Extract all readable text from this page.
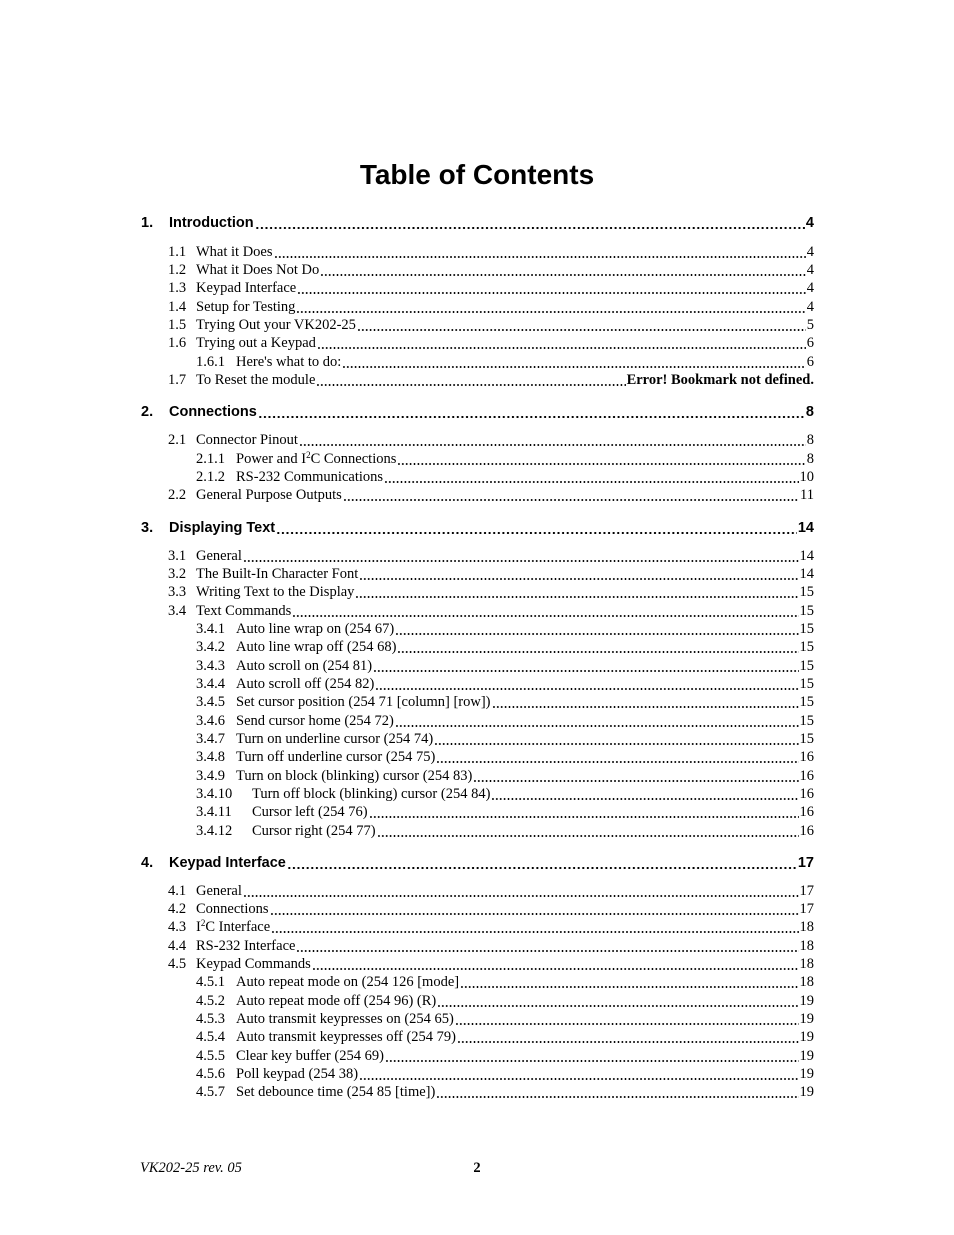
Table of Contents
1.	Introduction	4
1.1 What it Does	4
1.2 What it Does Not Do	4
1.3 Keypad Interface	4
1.4 Setup for Testing	4
1.5 Trying Out your VK202-25	5
1.6 Trying out a Keypad	6
1.6.1 Here's what to do:	6
1.7 To Reset the module	Error! Bookmark not defined.
2.	Connections	8
2.1 Connector Pinout	8
2.1.1 Power and $I^2C$ Connections	8
2.1.2 RS-232 Communications	10
2.2 General Purpose Outputs	11
3.	Displaying Text	14
3.1 General	14
3.2 The Built-In Character Font	14
3.3 Writing Text to the Display	15
3.4 Text Commands	15
3.4.1 Auto line wrap on (254 67)	15
3.4.2 Auto line wrap off (254 68)	15
3.4.3 Auto scroll on (254 81)	15
3.4.4 Auto scroll off (254 82)	15
3.4.5 Set cursor position (254 71 [column] [row])	15
3.4.6 Send cursor home (254 72)	15
3.4.7 Turn on underline cursor (254 74)	15
3.4.8 Turn off underline cursor (254 75)	16
3.4.9 Turn on block (blinking) cursor (254 83)	16
3.4.10	Turn off block (blinking) cursor (254 84)	16
3.4.11	Cursor left (254 76)	16
3.4.12	Cursor right (254 77)	16
4.	Keypad Interface	17
4.1 General	17
4.2 Connections	17
4.3 $I^2C$ Interface	18
4.4 RS-232 Interface	18
4.5 Keypad Commands	18
4.5.1 Auto repeat mode on (254 126 [mode]	18
4.5.2 Auto repeat mode off (254 96) (R)	19
4.5.3 Auto transmit keypresses on (254 65)	19
4.5.4 Auto transmit keypresses off (254 79)	19
4.5.5 Clear key buffer (254 69)	19
4.5.6 Poll keypad (254 38)	19
4.5.7 Set debounce time (254 85 [time])	19
VK202-25 rev. 05	2
